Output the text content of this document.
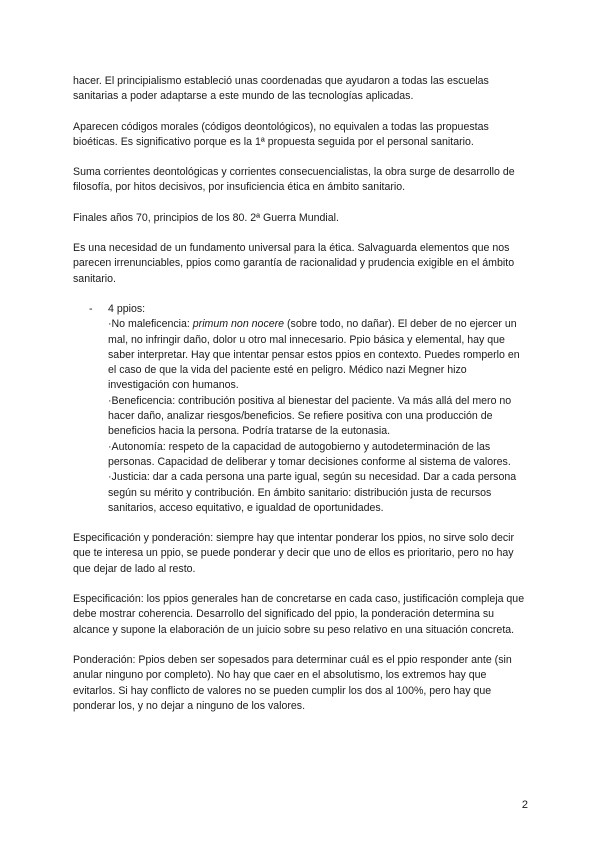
hacer. El principialismo estableció unas coordenadas que ayudaron a todas las escuelas sanitarias a poder adaptarse a este mundo de las tecnologías aplicadas.

Aparecen códigos morales (códigos deontológicos), no equivalen a todas las propuestas bioéticas. Es significativo porque es la 1ª propuesta seguida por el personal sanitario.

Suma corrientes deontológicas y corrientes consecuencialistas, la obra surge de desarrollo de filosofía, por hitos decisivos, por insuficiencia ética en ámbito sanitario.

Finales años 70, principios de los 80. 2ª Guerra Mundial.

Es una necesidad de un fundamento universal para la ética. Salvaguarda elementos que nos parecen irrenunciables, ppios como garantía de racionalidad y prudencia exigible en el ámbito sanitario.

- 4 ppios:
·No maleficencia: primum non nocere (sobre todo, no dañar). El deber de no ejercer un mal, no infringir daño, dolor u otro mal innecesario. Ppio básica y elemental, hay que saber interpretar. Hay que intentar pensar estos ppios en contexto. Puedes romperlo en el caso de que la vida del paciente esté en peligro. Médico nazi Megner hizo investigación con humanos.
·Beneficencia: contribución positiva al bienestar del paciente. Va más allá del mero no hacer daño, analizar riesgos/beneficios. Se refiere positiva con una producción de beneficios hacia la persona. Podría tratarse de la eutonasia.
·Autonomía: respeto de la capacidad de autogobierno y autodeterminación de las personas. Capacidad de deliberar y tomar decisiones conforme al sistema de valores.
·Justicia: dar a cada persona una parte igual, según su necesidad. Dar a cada persona según su mérito y contribución. En ámbito sanitario: distribución justa de recursos sanitarios, acceso equitativo, e igualdad de oportunidades.

Especificación y ponderación: siempre hay que intentar ponderar los ppios, no sirve solo decir que te interesa un ppio, se puede ponderar y decir que uno de ellos es prioritario, pero no hay que dejar de lado al resto.

Especificación: los ppios generales han de concretarse en cada caso, justificación compleja que debe mostrar coherencia. Desarrollo del significado del ppio, la ponderación determina su alcance y supone la elaboración de un juicio sobre su peso relativo en una situación concreta.

Ponderación: Ppios deben ser sopesados para determinar cuál es el ppio responder ante (sin anular ninguno por completo). No hay que caer en el absolutismo, los extremos hay que evitarlos. Si hay conflicto de valores no se pueden cumplir los dos al 100%, pero hay que ponderar los, y no dejar a ninguno de los valores.

2
